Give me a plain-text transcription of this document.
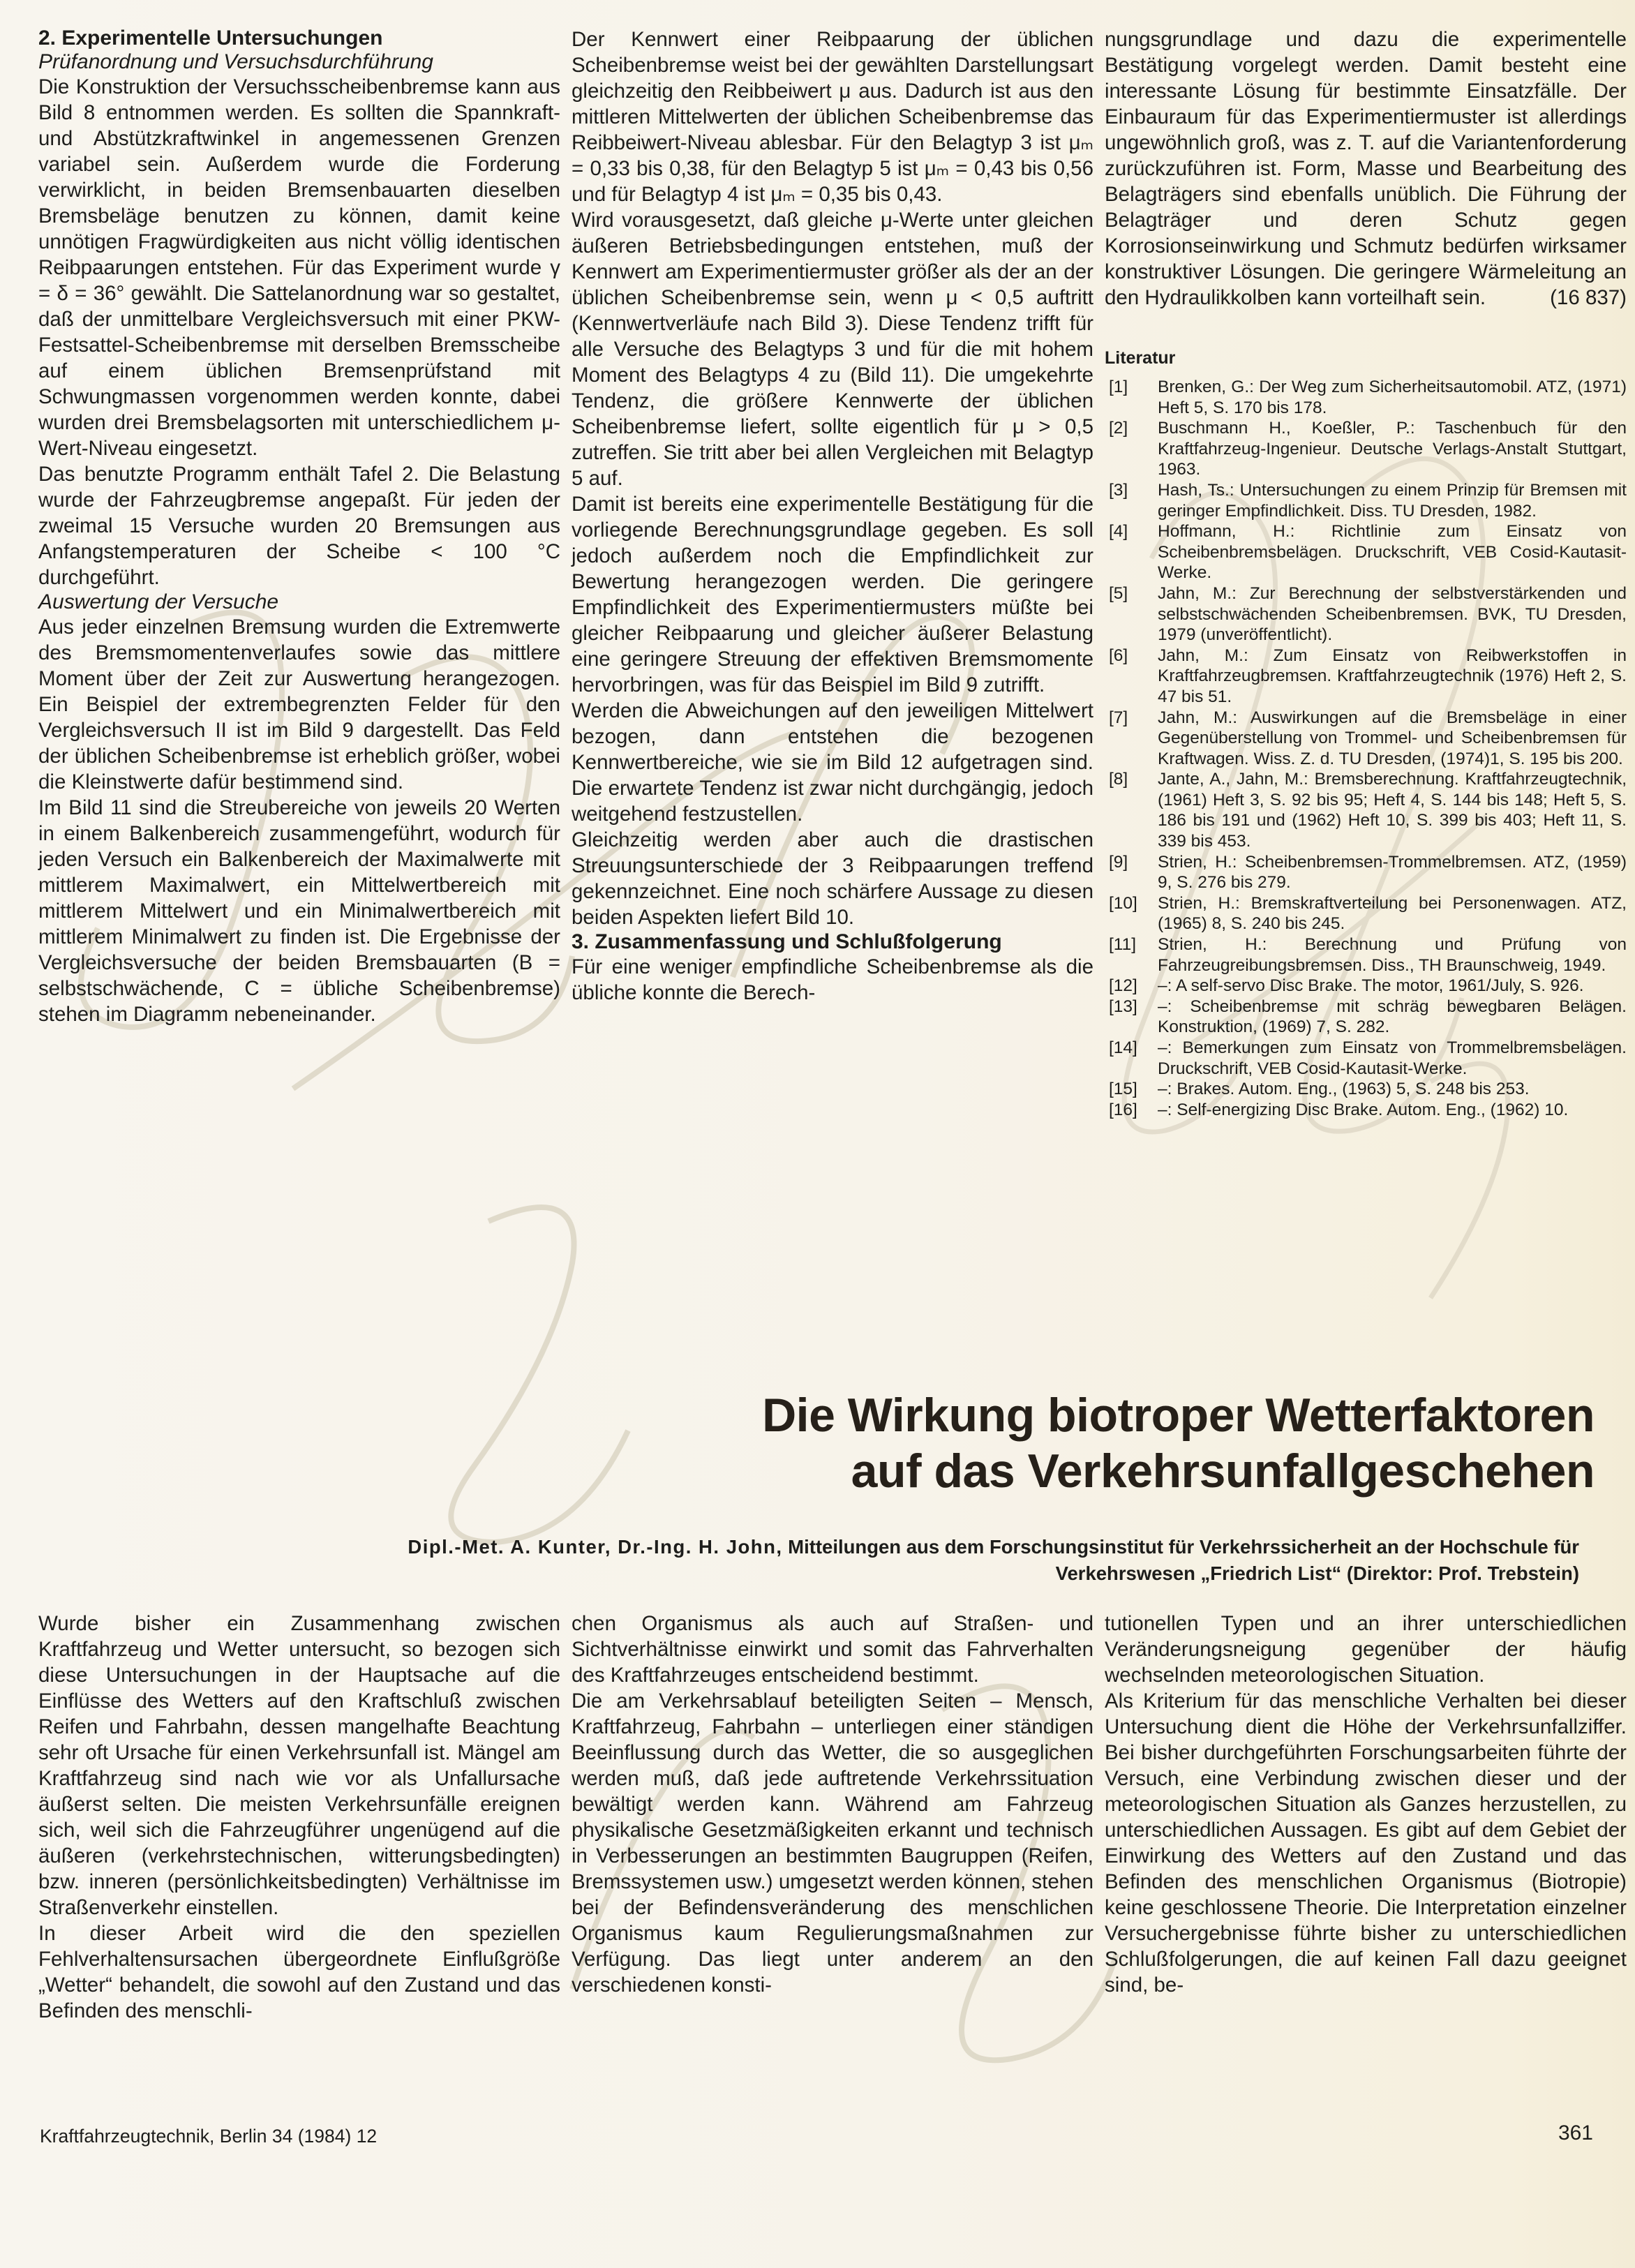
2. Experimentelle Untersuchungen

Prüfanordnung und Versuchsdurchführung

Die Konstruktion der Versuchsscheibenbremse kann aus Bild 8 entnommen werden. Es sollten die Spannkraft- und Abstützkraftwinkel in angemessenen Grenzen variabel sein. Außerdem wurde die Forderung verwirklicht, in beiden Bremsenbauarten dieselben Bremsbeläge benutzen zu können, damit keine unnötigen Fragwürdigkeiten aus nicht völlig identischen Reibpaarungen entstehen. Für das Experiment wurde γ = δ = 36° gewählt. Die Sattelanordnung war so gestaltet, daß der unmittelbare Vergleichsversuch mit einer PKW-Festsattel-Scheibenbremse mit derselben Bremsscheibe auf einem üblichen Bremsenprüfstand mit Schwungmassen vorgenommen werden konnte, dabei wurden drei Bremsbelagsorten mit unterschiedlichem μ-Wert-Niveau eingesetzt.

Das benutzte Programm enthält Tafel 2. Die Belastung wurde der Fahrzeugbremse angepaßt. Für jeden der zweimal 15 Versuche wurden 20 Bremsungen aus Anfangstemperaturen der Scheibe < 100 °C durchgeführt.

Auswertung der Versuche

Aus jeder einzelnen Bremsung wurden die Extremwerte des Bremsmomentenverlaufes sowie das mittlere Moment über der Zeit zur Auswertung herangezogen. Ein Beispiel der extrembegrenzten Felder für den Vergleichsversuch II ist im Bild 9 dargestellt. Das Feld der üblichen Scheibenbremse ist erheblich größer, wobei die Kleinstwerte dafür bestimmend sind.

Im Bild 11 sind die Streubereiche von jeweils 20 Werten in einem Balkenbereich zusammengeführt, wodurch für jeden Versuch ein Balkenbereich der Maximalwerte mit mittlerem Maximalwert, ein Mittelwertbereich mit mittlerem Mittelwert und ein Minimalwertbereich mit mittlerem Minimalwert zu finden ist. Die Ergebnisse der Vergleichsversuche der beiden Bremsbauarten (B = selbstschwächende, C = übliche Scheibenbremse) stehen im Diagramm nebeneinander.

Der Kennwert einer Reibpaarung der üblichen Scheibenbremse weist bei der gewählten Darstellungsart gleichzeitig den Reibbeiwert μ aus. Dadurch ist aus den mittleren Mittelwerten der üblichen Scheibenbremse das Reibbeiwert-Niveau ablesbar. Für den Belagtyp 3 ist μₘ = 0,33 bis 0,38, für den Belagtyp 5 ist μₘ = 0,43 bis 0,56 und für Belagtyp 4 ist μₘ = 0,35 bis 0,43.

Wird vorausgesetzt, daß gleiche μ-Werte unter gleichen äußeren Betriebsbedingungen entstehen, muß der Kennwert am Experimentiermuster größer als der an der üblichen Scheibenbremse sein, wenn μ < 0,5 auftritt (Kennwertverläufe nach Bild 3). Diese Tendenz trifft für alle Versuche des Belagtyps 3 und für die mit hohem Moment des Belagtyps 4 zu (Bild 11). Die umgekehrte Tendenz, die größere Kennwerte der üblichen Scheibenbremse liefert, sollte eigentlich für μ > 0,5 zutreffen. Sie tritt aber bei allen Vergleichen mit Belagtyp 5 auf.

Damit ist bereits eine experimentelle Bestätigung für die vorliegende Berechnungsgrundlage gegeben. Es soll jedoch außerdem noch die Empfindlichkeit zur Bewertung herangezogen werden. Die geringere Empfindlichkeit des Experimentiermusters müßte bei gleicher Reibpaarung und gleicher äußerer Belastung eine geringere Streuung der effektiven Bremsmomente hervorbringen, was für das Beispiel im Bild 9 zutrifft.

Werden die Abweichungen auf den jeweiligen Mittelwert bezogen, dann entstehen die bezogenen Kennwertbereiche, wie sie im Bild 12 aufgetragen sind. Die erwartete Tendenz ist zwar nicht durchgängig, jedoch weitgehend festzustellen.

Gleichzeitig werden aber auch die drastischen Streuungsunterschiede der 3 Reibpaarungen treffend gekennzeichnet. Eine noch schärfere Aussage zu diesen beiden Aspekten liefert Bild 10.

3. Zusammenfassung und Schlußfolgerung

Für eine weniger empfindliche Scheibenbremse als die übliche konnte die Berech-

nungsgrundlage und dazu die experimentelle Bestätigung vorgelegt werden. Damit besteht eine interessante Lösung für bestimmte Einsatzfälle. Der Einbauraum für das Experimentiermuster ist allerdings ungewöhnlich groß, was z. T. auf die Variantenforderung zurückzuführen ist. Form, Masse und Bearbeitung des Belagträgers sind ebenfalls unüblich. Die Führung der Belagträger und deren Schutz gegen Korrosionseinwirkung und Schmutz bedürfen wirksamer konstruktiver Lösungen. Die geringere Wärmeleitung an den Hydraulikkolben kann vorteilhaft sein.	(16 837)

Literatur

[1] Brenken, G.: Der Weg zum Sicherheitsautomobil. ATZ, (1971) Heft 5, S. 170 bis 178.

[2] Buschmann H., Koeßler, P.: Taschenbuch für den Kraftfahrzeug-Ingenieur. Deutsche Verlags-Anstalt Stuttgart, 1963.

[3] Hash, Ts.: Untersuchungen zu einem Prinzip für Bremsen mit geringer Empfindlichkeit. Diss. TU Dresden, 1982.

[4] Hoffmann, H.: Richtlinie zum Einsatz von Scheibenbremsbelägen. Druckschrift, VEB Cosid-Kautasit-Werke.

[5] Jahn, M.: Zur Berechnung der selbstverstärkenden und selbstschwächenden Scheibenbremsen. BVK, TU Dresden, 1979 (unveröffentlicht).

[6] Jahn, M.: Zum Einsatz von Reibwerkstoffen in Kraftfahrzeugbremsen. Kraftfahrzeugtechnik (1976) Heft 2, S. 47 bis 51.

[7] Jahn, M.: Auswirkungen auf die Bremsbeläge in einer Gegenüberstellung von Trommel- und Scheibenbremsen für Kraftwagen. Wiss. Z. d. TU Dresden, (1974)1, S. 195 bis 200.

[8] Jante, A., Jahn, M.: Bremsberechnung. Kraftfahrzeugtechnik, (1961) Heft 3, S. 92 bis 95; Heft 4, S. 144 bis 148; Heft 5, S. 186 bis 191 und (1962) Heft 10, S. 399 bis 403; Heft 11, S. 339 bis 453.

[9] Strien, H.: Scheibenbremsen-Trommelbremsen. ATZ, (1959) 9, S. 276 bis 279.

[10] Strien, H.: Bremskraftverteilung bei Personenwagen. ATZ, (1965) 8, S. 240 bis 245.

[11] Strien, H.: Berechnung und Prüfung von Fahrzeugreibungsbremsen. Diss., TH Braunschweig, 1949.

[12] –: A self-servo Disc Brake. The motor, 1961/July, S. 926.

[13] –: Scheibenbremse mit schräg bewegbaren Belägen. Konstruktion, (1969) 7, S. 282.

[14] –: Bemerkungen zum Einsatz von Trommelbremsbelägen. Druckschrift, VEB Cosid-Kautasit-Werke.

[15] –: Brakes. Autom. Eng., (1963) 5, S. 248 bis 253.

[16] –: Self-energizing Disc Brake. Autom. Eng., (1962) 10.

Die Wirkung biotroper Wetterfaktoren
auf das Verkehrsunfallgeschehen

Dipl.-Met. A. Kunter, Dr.-Ing. H. John, Mitteilungen aus dem Forschungsinstitut für Verkehrssicherheit an der Hochschule für
Verkehrswesen „Friedrich List“ (Direktor: Prof. Trebstein)

Wurde bisher ein Zusammenhang zwischen Kraftfahrzeug und Wetter untersucht, so bezogen sich diese Untersuchungen in der Hauptsache auf die Einflüsse des Wetters auf den Kraftschluß zwischen Reifen und Fahrbahn, dessen mangelhafte Beachtung sehr oft Ursache für einen Verkehrsunfall ist. Mängel am Kraftfahrzeug sind nach wie vor als Unfallursache äußerst selten. Die meisten Verkehrsunfälle ereignen sich, weil sich die Fahrzeugführer ungenügend auf die äußeren (verkehrstechnischen, witterungsbedingten) bzw. inneren (persönlichkeitsbedingten) Verhältnisse im Straßenverkehr einstellen.

In dieser Arbeit wird die den speziellen Fehlverhaltensursachen übergeordnete Einflußgröße „Wetter“ behandelt, die sowohl auf den Zustand und das Befinden des menschli-

chen Organismus als auch auf Straßen- und Sichtverhältnisse einwirkt und somit das Fahrverhalten des Kraftfahrzeuges entscheidend bestimmt.

Die am Verkehrsablauf beteiligten Seiten – Mensch, Kraftfahrzeug, Fahrbahn – unterliegen einer ständigen Beeinflussung durch das Wetter, die so ausgeglichen werden muß, daß jede auftretende Verkehrssituation bewältigt werden kann. Während am Fahrzeug physikalische Gesetzmäßigkeiten erkannt und technisch in Verbesserungen an bestimmten Baugruppen (Reifen, Bremssystemen usw.) umgesetzt werden können, stehen bei der Befindensveränderung des menschlichen Organismus kaum Regulierungsmaßnahmen zur Verfügung. Das liegt unter anderem an den verschiedenen konsti-

tutionellen Typen und an ihrer unterschiedlichen Veränderungsneigung gegenüber der häufig wechselnden meteorologischen Situation.

Als Kriterium für das menschliche Verhalten bei dieser Untersuchung dient die Höhe der Verkehrsunfallziffer. Bei bisher durchgeführten Forschungsarbeiten führte der Versuch, eine Verbindung zwischen dieser und der meteorologischen Situation als Ganzes herzustellen, zu unterschiedlichen Aussagen. Es gibt auf dem Gebiet der Einwirkung des Wetters auf den Zustand und das Befinden des menschlichen Organismus (Biotropie) keine geschlossene Theorie. Die Interpretation einzelner Versuchergebnisse führte bisher zu unterschiedlichen Schlußfolgerungen, die auf keinen Fall dazu geeignet sind, be-

Kraftfahrzeugtechnik, Berlin 34 (1984) 12	361
